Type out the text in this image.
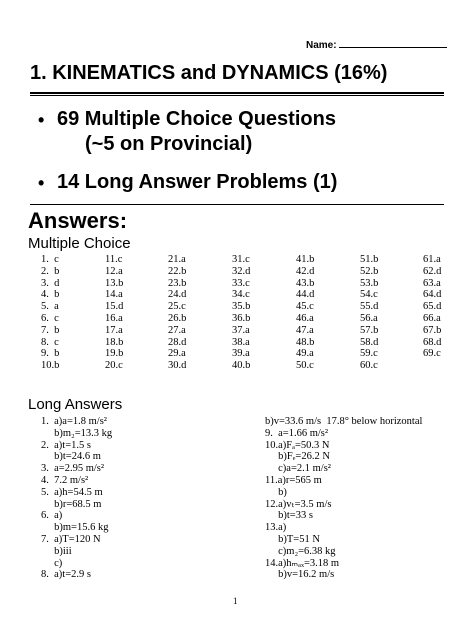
Name:
1. KINEMATICS and DYNAMICS (16%)
• 69 Multiple Choice Questions
(~5 on Provincial)
• 14 Long Answer Problems (1)
Answers:
Multiple Choice
1.  c
2.  b
3.  d
4.  b
5.  a
6.  c
7.  b
8.  c
9.  b
10.b
11.c
12.a
13.b
14.a
15.d
16.a
17.a
18.b
19.b
20.c
21.a
22.b
23.b
24.d
25.c
26.b
27.a
28.d
29.a
30.d
31.c
32.d
33.c
34.c
35.b
36.b
37.a
38.a
39.a
40.b
41.b
42.d
43.b
44.d
45.c
46.a
47.a
48.b
49.a
50.c
51.b
52.b
53.b
54.c
55.d
56.a
57.b
58.d
59.c
60.c
61.a
62.d
63.a
64.d
65.d
66.a
67.b
68.d
69.c
Long Answers
1.  a)a=1.8 m/s²
b)m₂=13.3 kg
2.  a)t=1.5 s
b)t=24.6 m
3.  a=2.95 m/s²
4.  7.2 m/s²
5.  a)h=54.5 m
b)r=68.5 m
6.  a)
b)m=15.6 kg
7.  a)T=120 N
b)iii
c)
8.  a)t=2.9 s
b)v=33.6 m/s  17.8° below horizontal
9.  a=1.66 m/s²
10.a)Fₐ=50.3 N
b)Fₑ=26.2 N
c)a=2.1 m/s²
11.a)r=565 m
b)
12.a)vₜ=3.5 m/s
b)t=33 s
13.a)
b)T=51 N
c)m₂=6.38 kg
14.a)hₘₐₓ=3.18 m
b)v=16.2 m/s
1
